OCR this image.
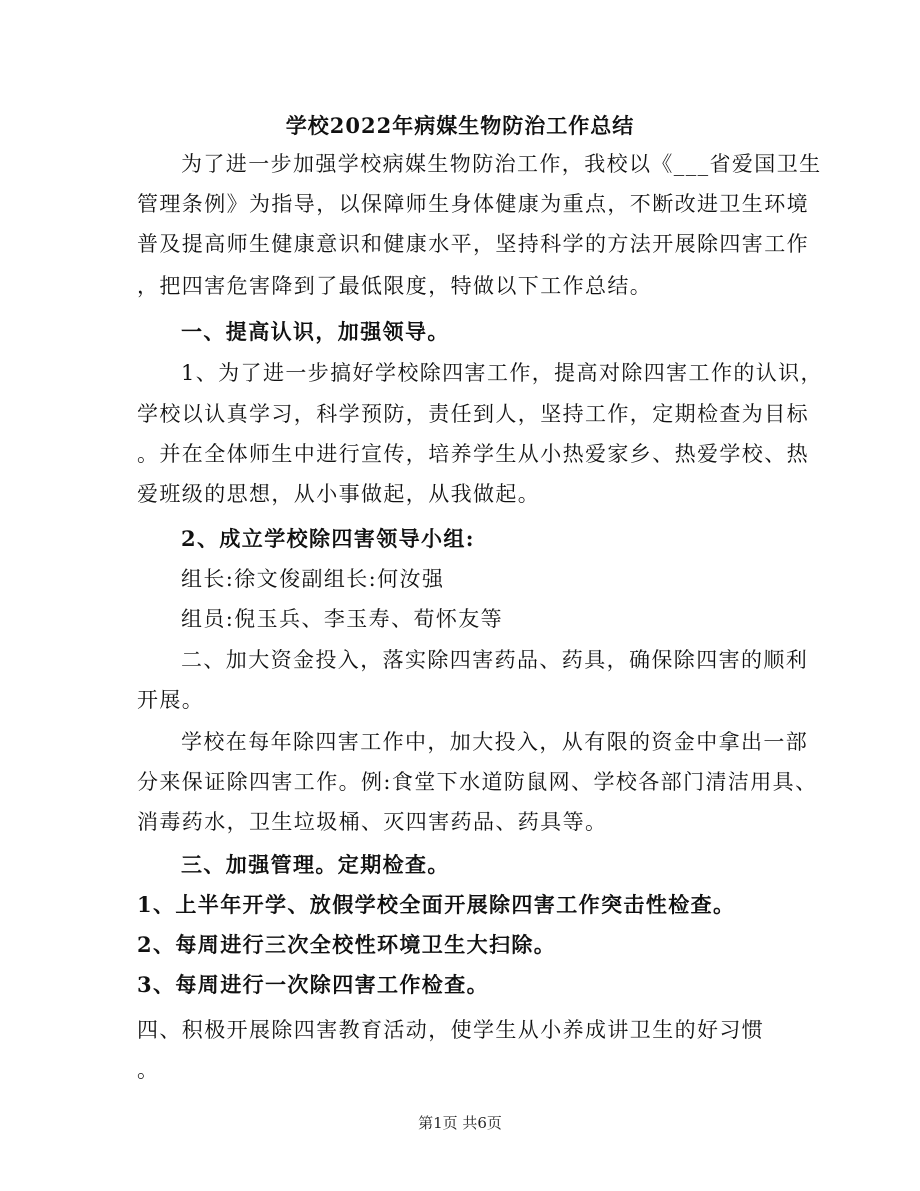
学校2022年病媒生物防治工作总结
为了进一步加强学校病媒生物防治工作，我校以《___省爱国卫生
管理条例》为指导，以保障师生身体健康为重点，不断改进卫生环境
普及提高师生健康意识和健康水平，坚持科学的方法开展除四害工作
，把四害危害降到了最低限度，特做以下工作总结。
一、提高认识，加强领导。
1、为了进一步搞好学校除四害工作，提高对除四害工作的认识，
学校以认真学习，科学预防，责任到人，坚持工作，定期检查为目标
。并在全体师生中进行宣传，培养学生从小热爱家乡、热爱学校、热
爱班级的思想，从小事做起，从我做起。
2、成立学校除四害领导小组:
组长:徐文俊副组长:何汝强
组员:倪玉兵、李玉寿、荀怀友等
二、加大资金投入，落实除四害药品、药具，确保除四害的顺利
开展。
学校在每年除四害工作中，加大投入，从有限的资金中拿出一部
分来保证除四害工作。例:食堂下水道防鼠网、学校各部门清洁用具、
消毒药水，卫生垃圾桶、灭四害药品、药具等。
三、加强管理。定期检查。
1、上半年开学、放假学校全面开展除四害工作突击性检查。
2、每周进行三次全校性环境卫生大扫除。
3、每周进行一次除四害工作检查。
四、积极开展除四害教育活动，使学生从小养成讲卫生的好习惯
。
第1页 共6页
